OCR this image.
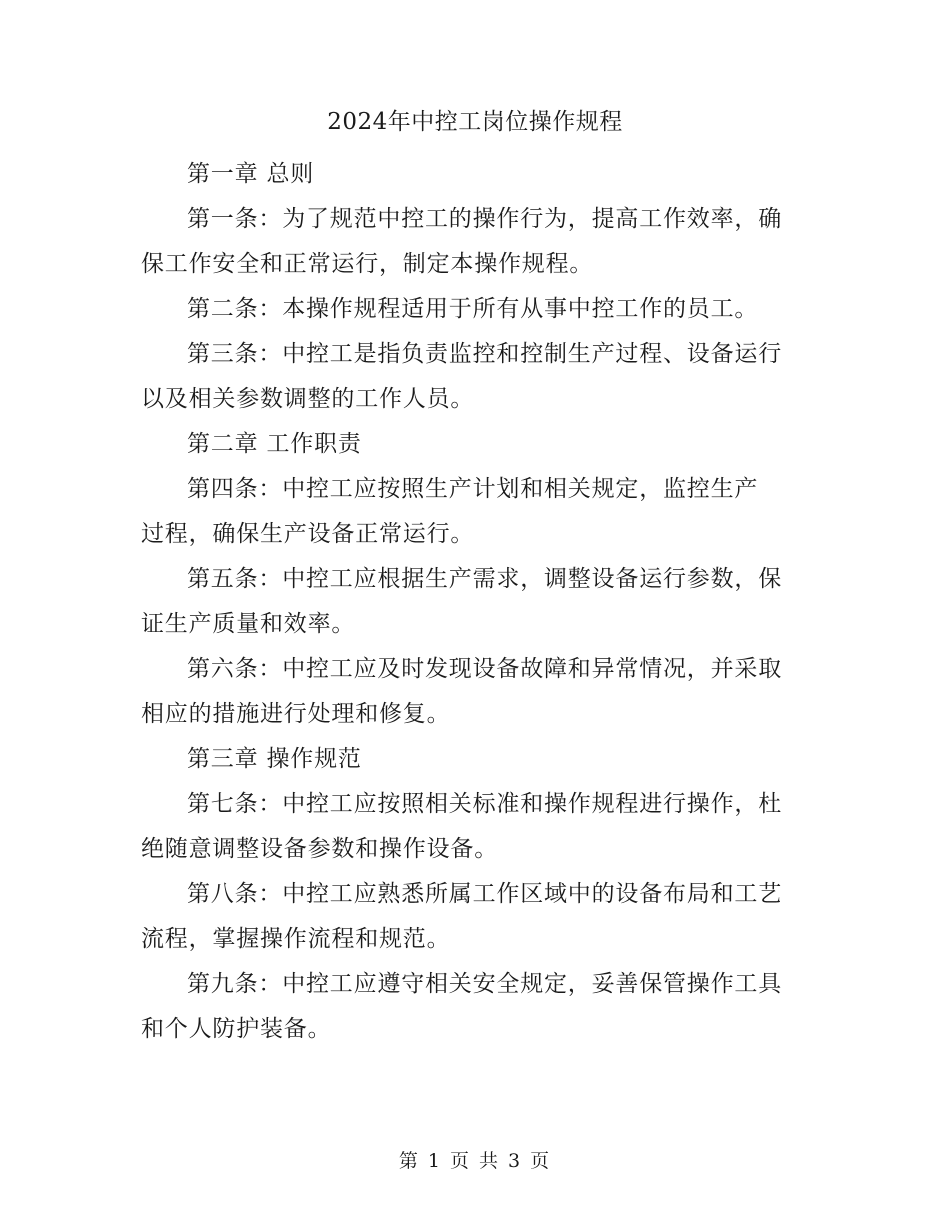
2024年中控工岗位操作规程

第一章 总则

第一条：为了规范中控工的操作行为，提高工作效率，确保工作安全和正常运行，制定本操作规程。

第二条：本操作规程适用于所有从事中控工作的员工。

第三条：中控工是指负责监控和控制生产过程、设备运行以及相关参数调整的工作人员。

第二章 工作职责

第四条：中控工应按照生产计划和相关规定，监控生产过程，确保生产设备正常运行。

第五条：中控工应根据生产需求，调整设备运行参数，保证生产质量和效率。

第六条：中控工应及时发现设备故障和异常情况，并采取相应的措施进行处理和修复。

第三章 操作规范

第七条：中控工应按照相关标准和操作规程进行操作，杜绝随意调整设备参数和操作设备。

第八条：中控工应熟悉所属工作区域中的设备布局和工艺流程，掌握操作流程和规范。

第九条：中控工应遵守相关安全规定，妥善保管操作工具和个人防护装备。

第 1 页 共 3 页
